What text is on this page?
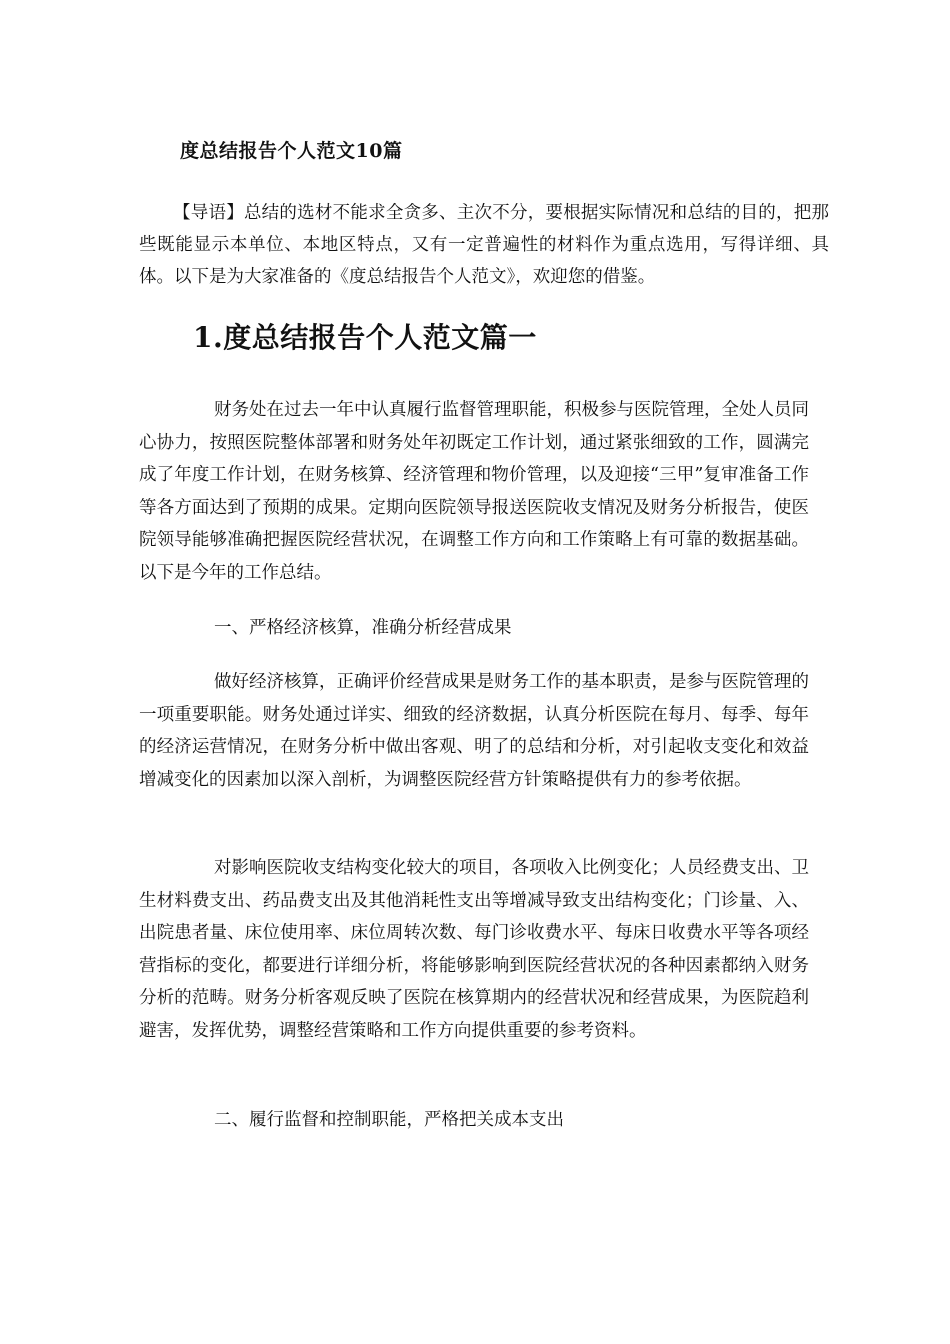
度总结报告个人范文10篇

【导语】总结的选材不能求全贪多、主次不分，要根据实际情况和总结的目的，把那些既能显示本单位、本地区特点，又有一定普遍性的材料作为重点选用，写得详细、具体。以下是为大家准备的《度总结报告个人范文》，欢迎您的借鉴。

1.度总结报告个人范文篇一

财务处在过去一年中认真履行监督管理职能，积极参与医院管理，全处人员同心协力，按照医院整体部署和财务处年初既定工作计划，通过紧张细致的工作，圆满完成了年度工作计划，在财务核算、经济管理和物价管理，以及迎接“三甲”复审准备工作等各方面达到了预期的成果。定期向医院领导报送医院收支情况及财务分析报告，使医院领导能够准确把握医院经营状况，在调整工作方向和工作策略上有可靠的数据基础。以下是今年的工作总结。

一、严格经济核算，准确分析经营成果

做好经济核算，正确评价经营成果是财务工作的基本职责，是参与医院管理的一项重要职能。财务处通过详实、细致的经济数据，认真分析医院在每月、每季、每年的经济运营情况，在财务分析中做出客观、明了的总结和分析，对引起收支变化和效益增减变化的因素加以深入剖析，为调整医院经营方针策略提供有力的参考依据。

对影响医院收支结构变化较大的项目，各项收入比例变化；人员经费支出、卫生材料费支出、药品费支出及其他消耗性支出等增减导致支出结构变化；门诊量、入、出院患者量、床位使用率、床位周转次数、每门诊收费水平、每床日收费水平等各项经营指标的变化，都要进行详细分析，将能够影响到医院经营状况的各种因素都纳入财务分析的范畴。财务分析客观反映了医院在核算期内的经营状况和经营成果，为医院趋利避害，发挥优势，调整经营策略和工作方向提供重要的参考资料。

二、履行监督和控制职能，严格把关成本支出
